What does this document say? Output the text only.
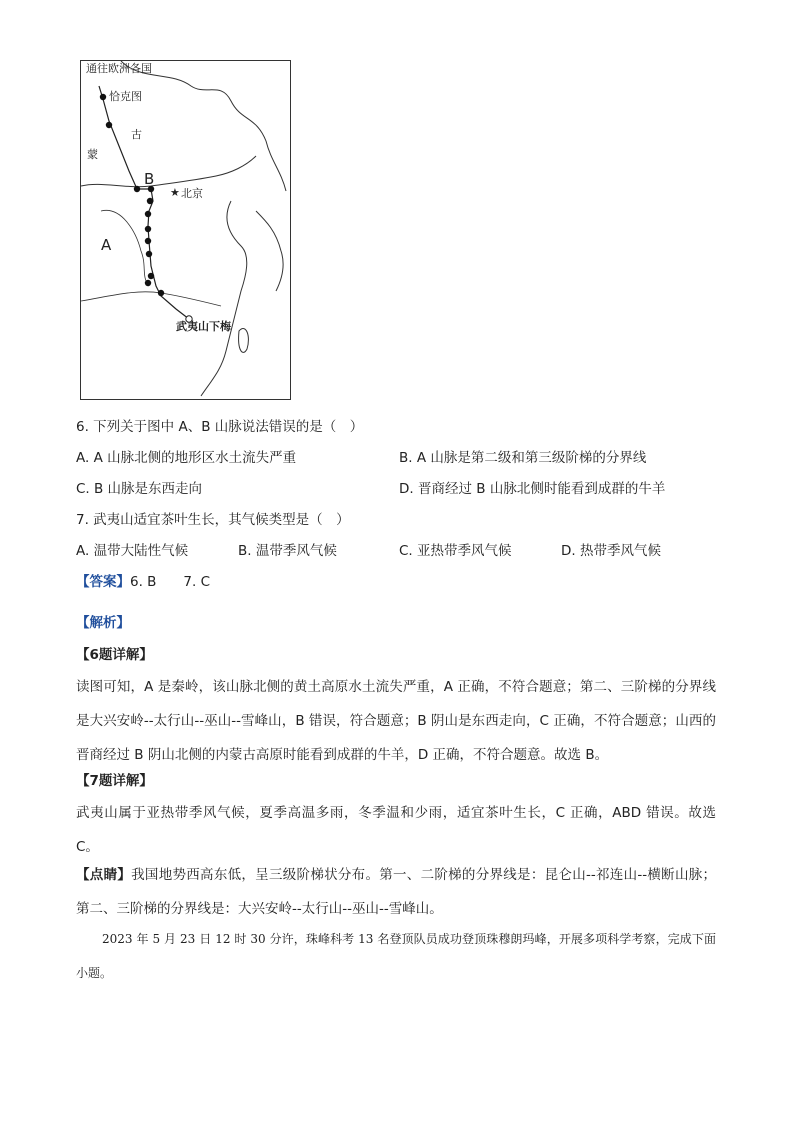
★
通往欧洲各国
恰克图
古
蒙
B
北京
A
武夷山下梅
6. 下列关于图中 A、B 山脉说法错误的是（　）
A. A 山脉北侧的地形区水土流失严重	B. A 山脉是第二级和第三级阶梯的分界线
C. B 山脉是东西走向	D. 晋商经过 B 山脉北侧时能看到成群的牛羊
7. 武夷山适宜茶叶生长，其气候类型是（　）
A. 温带大陆性气候	B. 温带季风气候	C. 亚热带季风气候	D. 热带季风气候
【答案】6. B　　7. C
【解析】
【6题详解】
读图可知，A 是秦岭，该山脉北侧的黄土高原水土流失严重，A 正确，不符合题意；第二、三阶梯的分界线是大兴安岭--太行山--巫山--雪峰山，B 错误，符合题意；B 阴山是东西走向，C 正确，不符合题意；山西的晋商经过 B 阴山北侧的内蒙古高原时能看到成群的牛羊，D 正确，不符合题意。故选 B。
【7题详解】
武夷山属于亚热带季风气候，夏季高温多雨，冬季温和少雨，适宜茶叶生长，C 正确，ABD 错误。故选 C。
【点睛】我国地势西高东低，呈三级阶梯状分布。第一、二阶梯的分界线是：昆仑山--祁连山--横断山脉；第二、三阶梯的分界线是：大兴安岭--太行山--巫山--雪峰山。
2023 年 5 月 23 日 12 时 30 分许，珠峰科考 13 名登顶队员成功登顶珠穆朗玛峰，开展多项科学考察，完成下面小题。
